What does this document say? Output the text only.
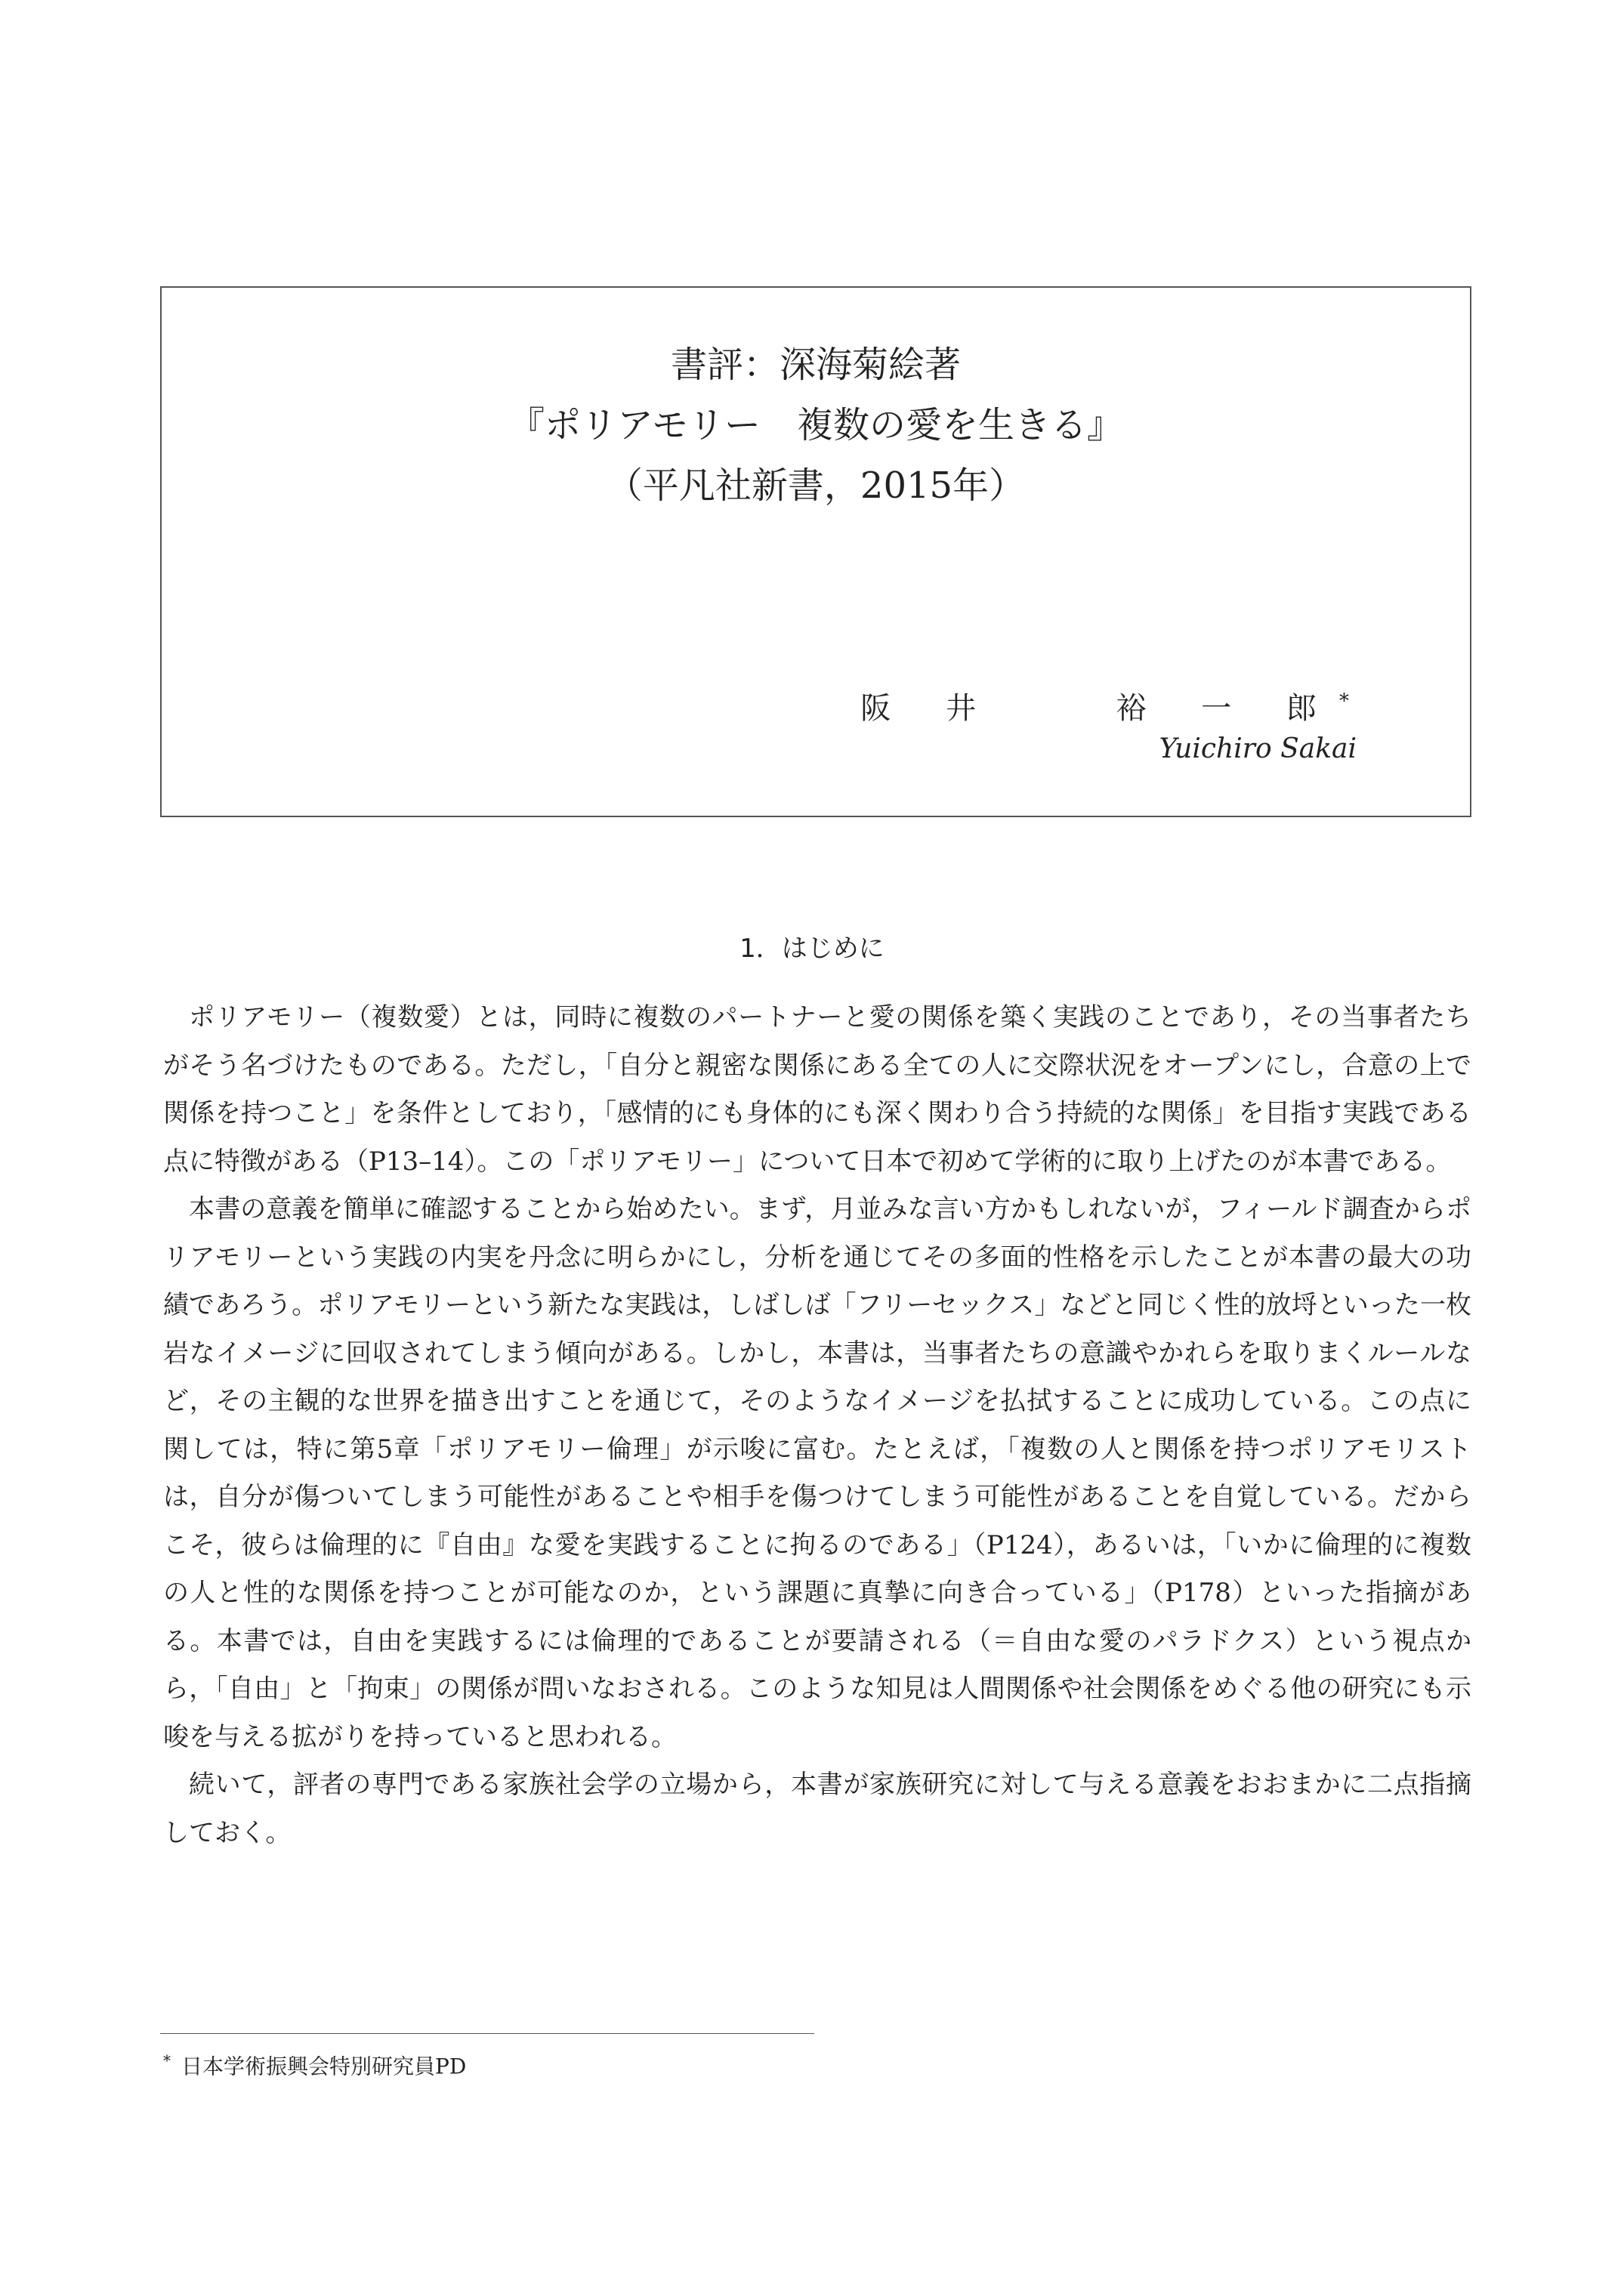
書評：深海菊絵著
『ポリアモリー　複数の愛を生きる』
（平凡社新書，2015年）
阪 井 　 裕 一 郎*
Yuichiro Sakai
1．はじめに

ポリアモリー（複数愛）とは，同時に複数のパートナーと愛の関係を築く実践のことであり，その当事者たちがそう名づけたものである。ただし，「自分と親密な関係にある全ての人に交際状況をオープンにし，合意の上で関係を持つこと」を条件としており，「感情的にも身体的にも深く関わり合う持続的な関係」を目指す実践である点に特徴がある（P13–14）。この「ポリアモリー」について日本で初めて学術的に取り上げたのが本書である。

本書の意義を簡単に確認することから始めたい。まず，月並みな言い方かもしれないが，フィールド調査からポリアモリーという実践の内実を丹念に明らかにし，分析を通じてその多面的性格を示したことが本書の最大の功績であろう。ポリアモリーという新たな実践は，しばしば「フリーセックス」などと同じく性的放埒といった一枚岩なイメージに回収されてしまう傾向がある。しかし，本書は，当事者たちの意識やかれらを取りまくルールなど，その主観的な世界を描き出すことを通じて，そのようなイメージを払拭することに成功している。この点に関しては，特に第5章「ポリアモリー倫理」が示唆に富む。たとえば，「複数の人と関係を持つポリアモリストは，自分が傷ついてしまう可能性があることや相手を傷つけてしまう可能性があることを自覚している。だからこそ，彼らは倫理的に『自由』な愛を実践することに拘るのである」（P124），あるいは，「いかに倫理的に複数の人と性的な関係を持つことが可能なのか，という課題に真摯に向き合っている」（P178）といった指摘がある。本書では，自由を実践するには倫理的であることが要請される（＝自由な愛のパラドクス）という視点から，「自由」と「拘束」の関係が問いなおされる。このような知見は人間関係や社会関係をめぐる他の研究にも示唆を与える拡がりを持っていると思われる。

続いて，評者の専門である家族社会学の立場から，本書が家族研究に対して与える意義をおおまかに二点指摘しておく。

* 日本学術振興会特別研究員PD
